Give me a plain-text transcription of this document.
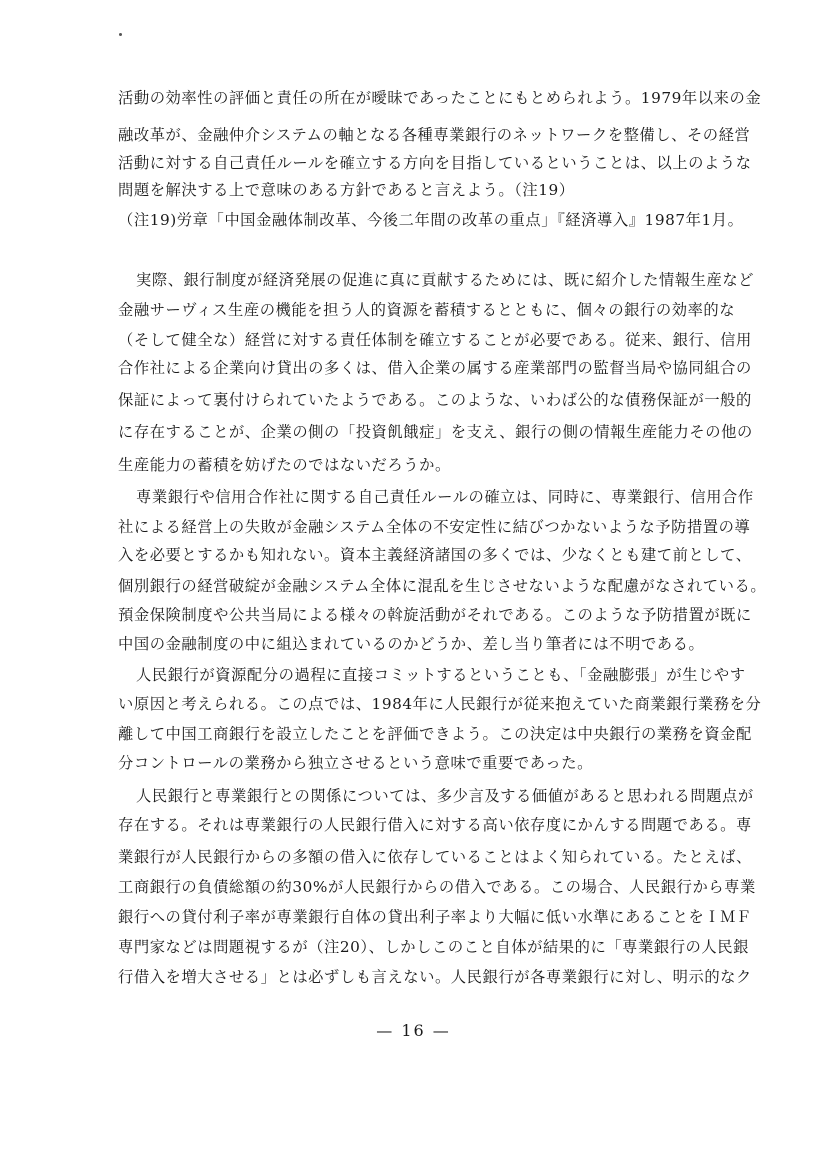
活動の効率性の評価と責任の所在が曖昧であったことにもとめられよう。1979年以来の金
融改革が、金融仲介システムの軸となる各種専業銀行のネットワークを整備し、その経営
活動に対する自己責任ルールを確立する方向を目指しているということは、以上のような
問題を解決する上で意味のある方針であると言えよう。（注19）
（注19)労章「中国金融体制改革、今後二年間の改革の重点」『経済導入』1987年1月。
実際、銀行制度が経済発展の促進に真に貢献するためには、既に紹介した情報生産など
金融サーヴィス生産の機能を担う人的資源を蓄積するとともに、個々の銀行の効率的な
（そして健全な）経営に対する責任体制を確立することが必要である。従来、銀行、信用
合作社による企業向け貸出の多くは、借入企業の属する産業部門の監督当局や協同組合の
保証によって裏付けられていたようである。このような、いわば公的な債務保証が一般的
に存在することが、企業の側の「投資飢餓症」を支え、銀行の側の情報生産能力その他の
生産能力の蓄積を妨げたのではないだろうか。
専業銀行や信用合作社に関する自己責任ルールの確立は、同時に、専業銀行、信用合作
社による経営上の失敗が金融システム全体の不安定性に結びつかないような予防措置の導
入を必要とするかも知れない。資本主義経済諸国の多くでは、少なくとも建て前として、
個別銀行の経営破綻が金融システム全体に混乱を生じさせないような配慮がなされている。
預金保険制度や公共当局による様々の斡旋活動がそれである。このような予防措置が既に
中国の金融制度の中に組込まれているのかどうか、差し当り筆者には不明である。
人民銀行が資源配分の過程に直接コミットするということも、「金融膨張」が生じやす
い原因と考えられる。この点では、1984年に人民銀行が従来抱えていた商業銀行業務を分
離して中国工商銀行を設立したことを評価できよう。この決定は中央銀行の業務を資金配
分コントロールの業務から独立させるという意味で重要であった。
人民銀行と専業銀行との関係については、多少言及する価値があると思われる問題点が
存在する。それは専業銀行の人民銀行借入に対する高い依存度にかんする問題である。専
業銀行が人民銀行からの多額の借入に依存していることはよく知られている。たとえば、
工商銀行の負債総額の約30%が人民銀行からの借入である。この場合、人民銀行から専業
銀行への貸付利子率が専業銀行自体の貸出利子率より大幅に低い水準にあることをＩＭＦ
専門家などは問題視するが（注20）、しかしこのこと自体が結果的に「専業銀行の人民銀
行借入を増大させる」とは必ずしも言えない。人民銀行が各専業銀行に対し、明示的なク
— 16 —
